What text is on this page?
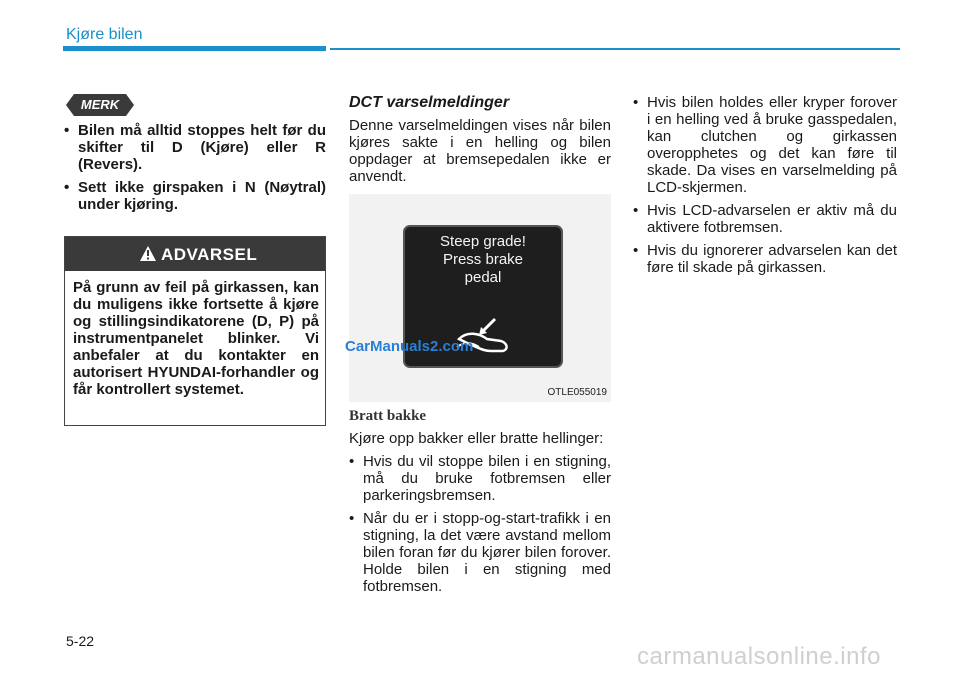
Kjøre bilen
MERK
• Bilen må alltid stoppes helt før du skifter til D (Kjøre) eller R (Revers).
• Sett ikke girspaken i N (Nøytral) under kjøring.
ADVARSEL
På grunn av feil på girkassen, kan du muligens ikke fortsette å kjøre og stillingsindikatorene (D, P) på instrumentpanelet blinker. Vi anbefaler at du kontakter en autorisert HYUNDAI-forhandler og får kontrollert systemet.
DCT varselmeldinger

Denne varselmeldingen vises når bilen kjøres sakte i en helling og bilen oppdager at bremsepedalen ikke er anvendt.

Steep grade!
Press brake
pedal
CarManuals2.com
OTLE055019
Bratt bakke

Kjøre opp bakker eller bratte hellinger:

• Hvis du vil stoppe bilen i en stigning, må du bruke fotbremsen eller parkeringsbremsen.
• Når du er i stopp-og-start-trafikk i en stigning, la det være avstand mellom bilen foran før du kjører bilen forover. Holde bilen i en stigning med fotbremsen.
• Hvis bilen holdes eller kryper forover i en helling ved å bruke gasspedalen, kan clutchen og girkassen overopphetes og det kan føre til skade. Da vises en varselmelding på LCD-skjermen.
• Hvis LCD-advarselen er aktiv må du aktivere fotbremsen.
• Hvis du ignorerer advarselen kan det føre til skade på girkassen.
5-22
carmanualsonline.info
